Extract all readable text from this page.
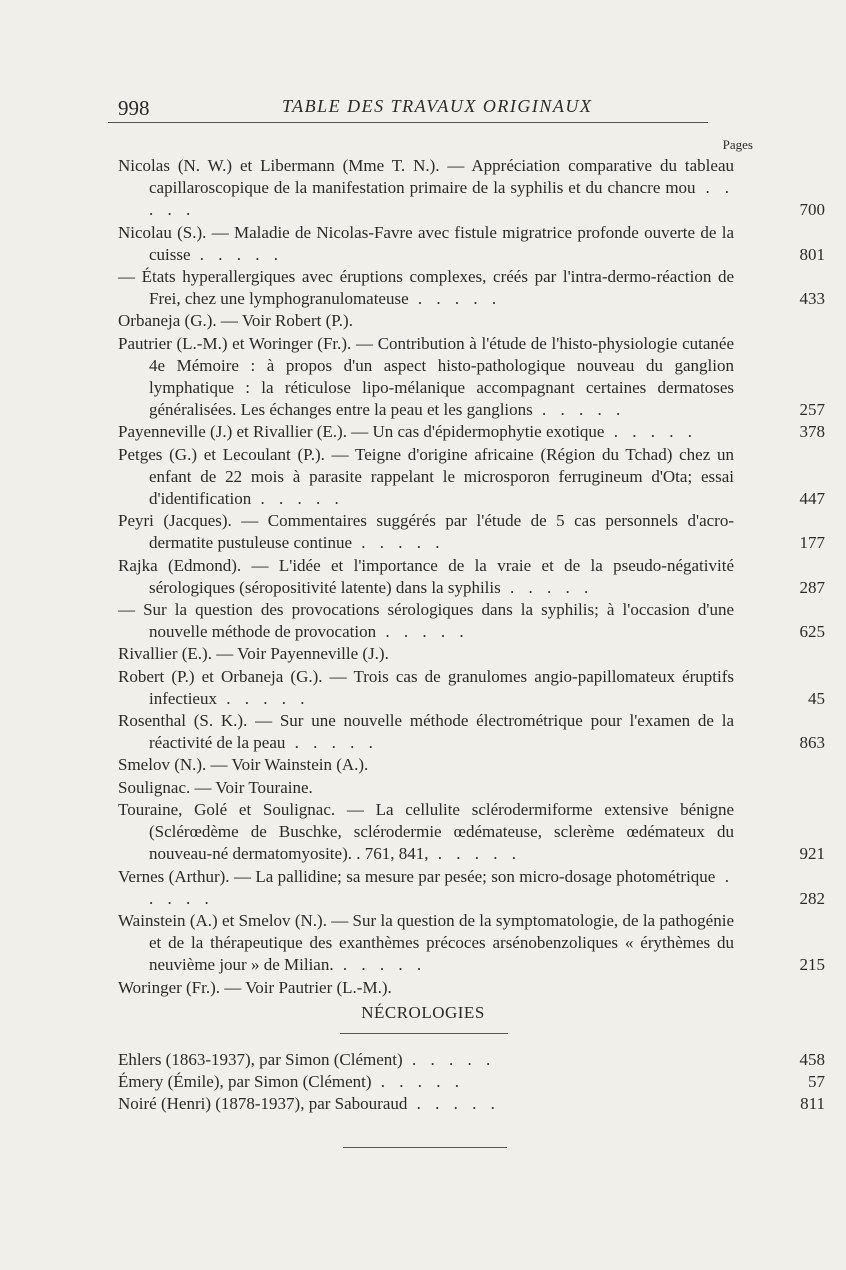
998	TABLE DES TRAVAUX ORIGINAUX
Pages
Nicolas (N. W.) et Libermann (Mme T. N.). — Appréciation comparative du tableau capillaroscopique de la manifestation primaire de la syphilis et du chancre mou . . . . .	700
Nicolau (S.). — Maladie de Nicolas-Favre avec fistule migratrice profonde ouverte de la cuisse . . . . .	801
— États hyperallergiques avec éruptions complexes, créés par l'intra-dermo-réaction de Frei, chez une lymphogranulomateuse . . . . .	433
Orbaneja (G.). — Voir Robert (P.).
Pautrier (L.-M.) et Woringer (Fr.). — Contribution à l'étude de l'histo-physiologie cutanée 4e Mémoire : à propos d'un aspect histo-pathologique nouveau du ganglion lymphatique : la réticulose lipo-mélanique accompagnant certaines dermatoses généralisées. Les échanges entre la peau et les ganglions . . . . .	257
Payenneville (J.) et Rivallier (E.). — Un cas d'épidermophytie exotique . . . . .	378
Petges (G.) et Lecoulant (P.). — Teigne d'origine africaine (Région du Tchad) chez un enfant de 22 mois à parasite rappelant le microsporon ferrugineum d'Ota; essai d'identification . . . . .	447
Peyri (Jacques). — Commentaires suggérés par l'étude de 5 cas personnels d'acro-dermatite pustuleuse continue . . . . .	177
Rajka (Edmond). — L'idée et l'importance de la vraie et de la pseudo-négativité sérologiques (séropositivité latente) dans la syphilis . . . . .	287
— Sur la question des provocations sérologiques dans la syphilis; à l'occasion d'une nouvelle méthode de provocation . . . . .	625
Rivallier (E.). — Voir Payenneville (J.).
Robert (P.) et Orbaneja (G.). — Trois cas de granulomes angio-papillomateux éruptifs infectieux . . . . .	45
Rosenthal (S. K.). — Sur une nouvelle méthode électrométrique pour l'examen de la réactivité de la peau . . . . .	863
Smelov (N.). — Voir Wainstein (A.).
Soulignac. — Voir Touraine.
Touraine, Golé et Soulignac. — La cellulite sclérodermiforme extensive bénigne (Sclérœdème de Buschke, sclérodermie œdémateuse, sclerème œdémateux du nouveau-né dermatomyosite). . 761, 841, . . . . .	921
Vernes (Arthur). — La pallidine; sa mesure par pesée; son micro-dosage photométrique . . . . .	282
Wainstein (A.) et Smelov (N.). — Sur la question de la symptomatologie, de la pathogénie et de la thérapeutique des exanthèmes précoces arsénobenzoliques « érythèmes du neuvième jour » de Milian. . . . . .	215
Woringer (Fr.). — Voir Pautrier (L.-M.).
NÉCROLOGIES
Ehlers (1863-1937), par Simon (Clément) . . . . .	458
Émery (Émile), par Simon (Clément) . . . . .	57
Noiré (Henri) (1878-1937), par Sabouraud . . . . .	811
